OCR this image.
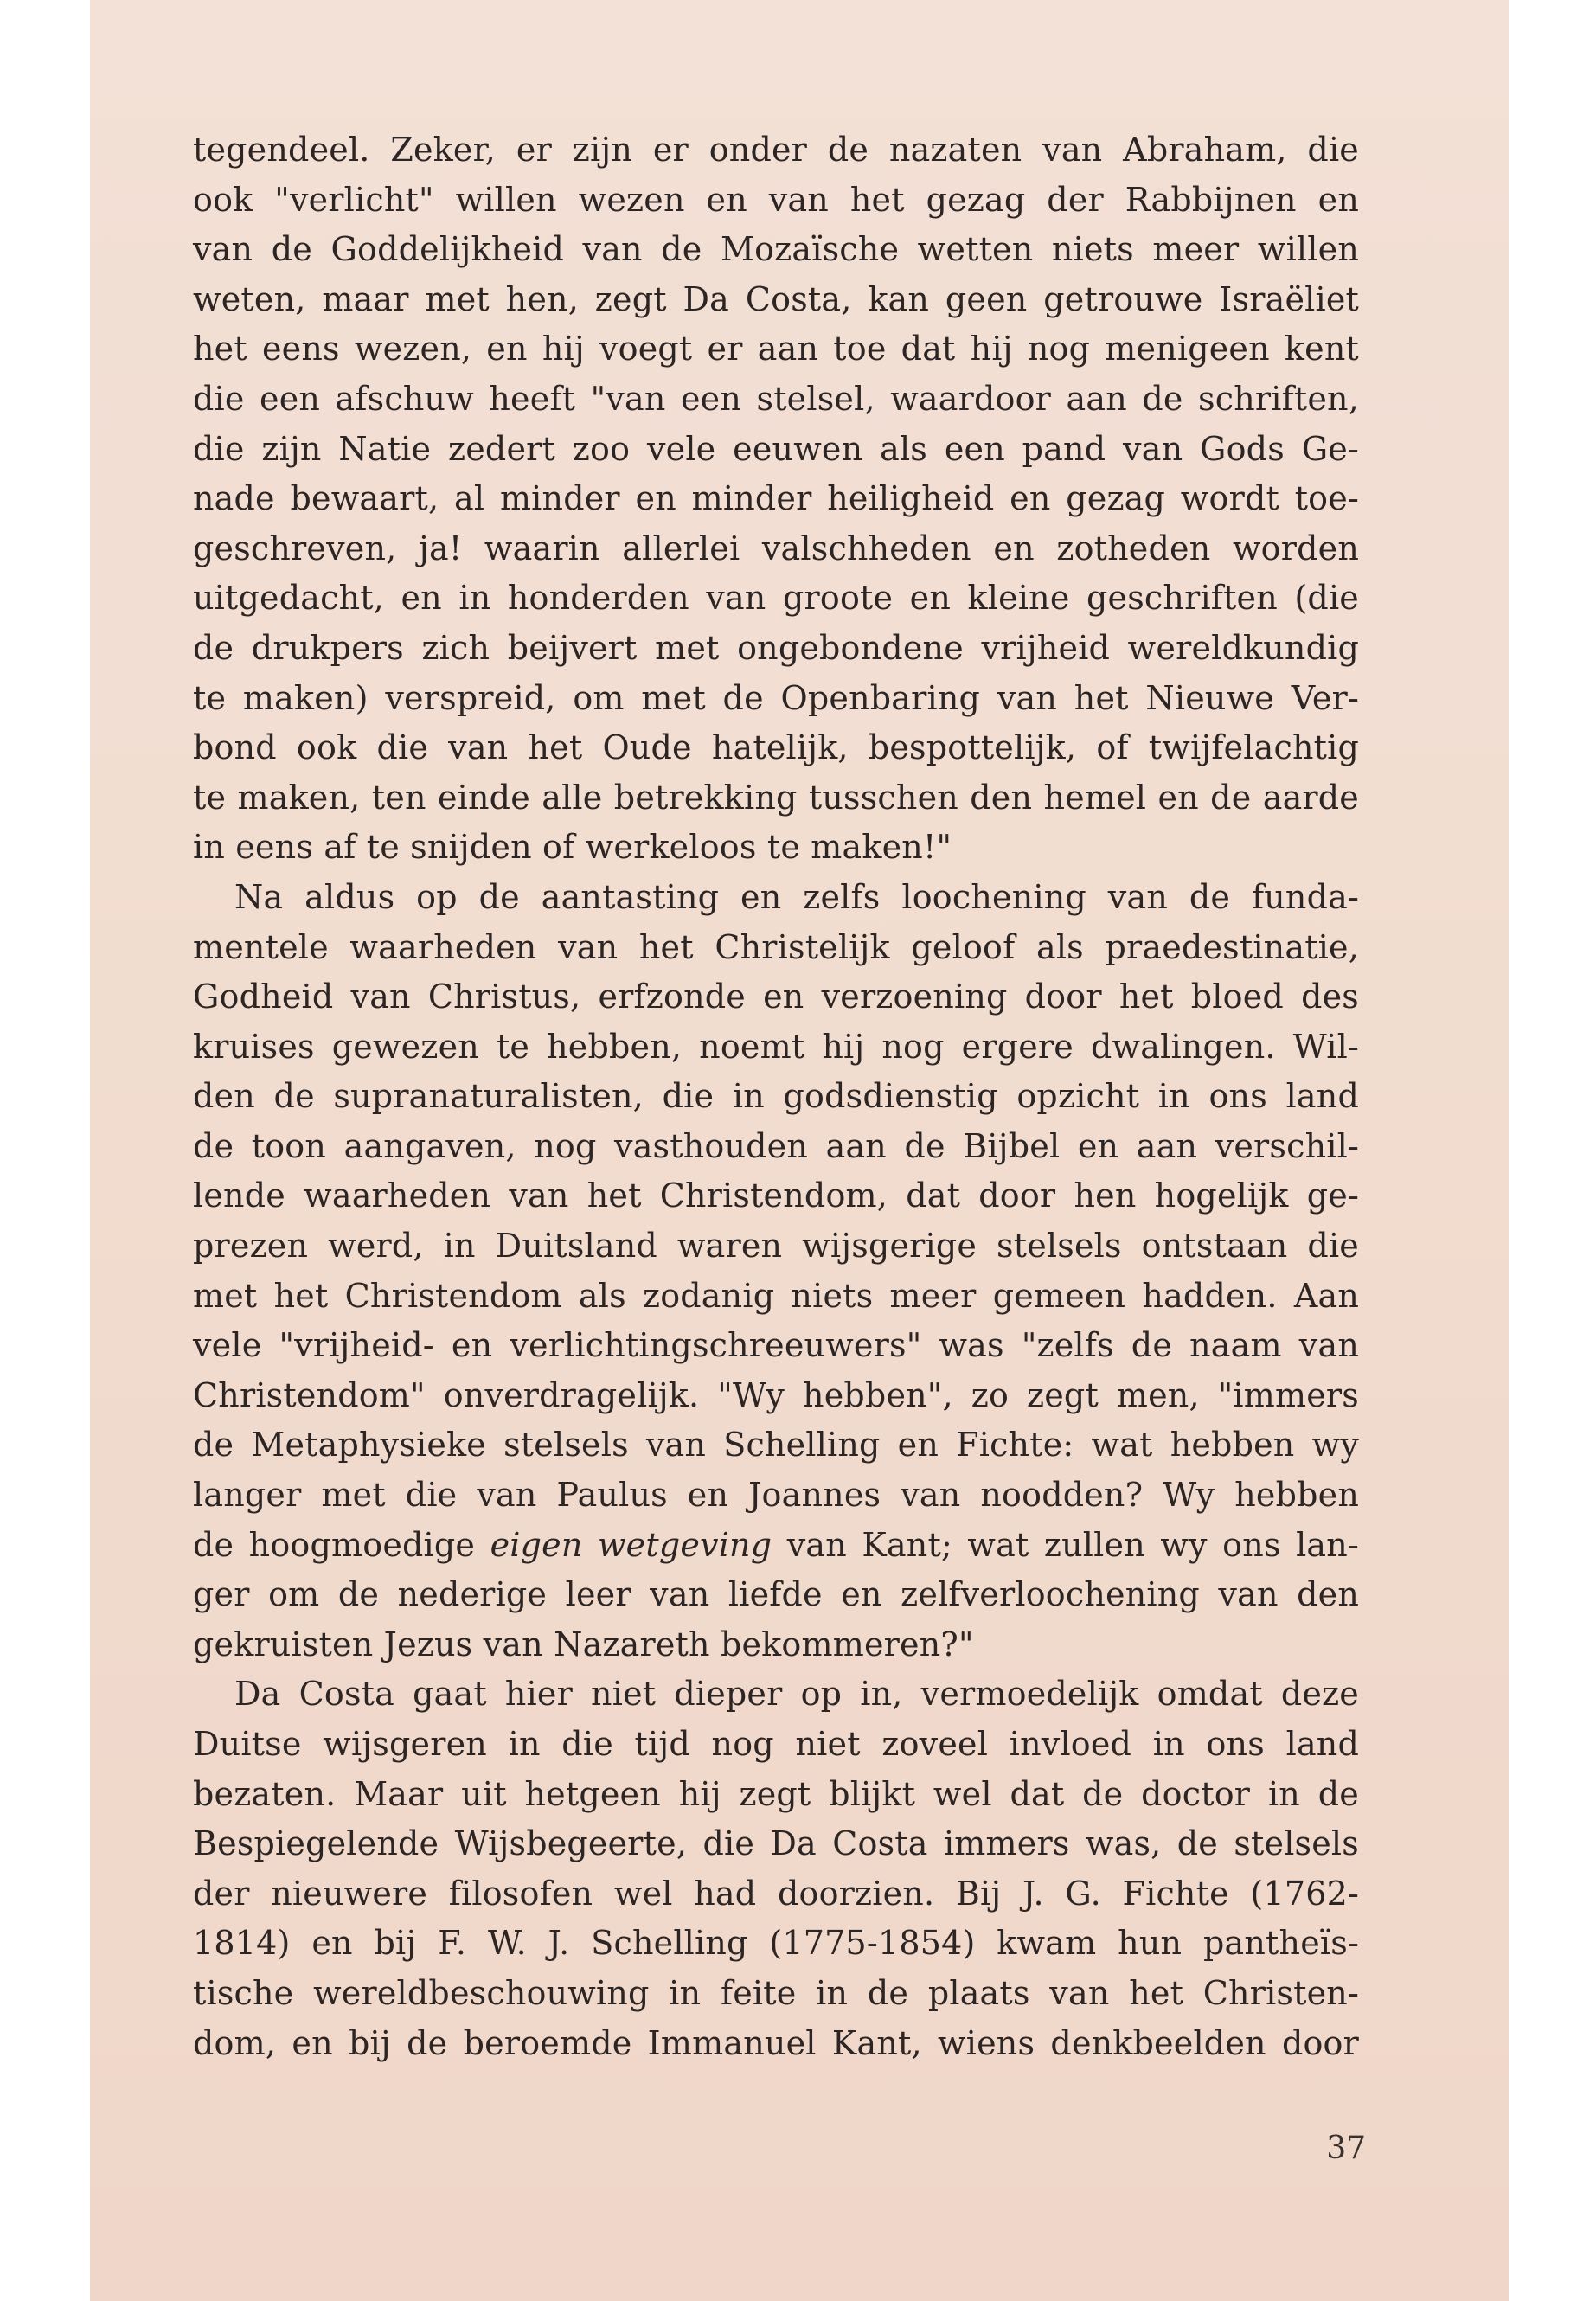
tegendeel. Zeker, er zijn er onder de nazaten van Abraham, die
ook "verlicht" willen wezen en van het gezag der Rabbijnen en
van de Goddelijkheid van de Mozaïsche wetten niets meer willen
weten, maar met hen, zegt Da Costa, kan geen getrouwe Israëliet
het eens wezen, en hij voegt er aan toe dat hij nog menigeen kent
die een afschuw heeft "van een stelsel, waardoor aan de schriften,
die zijn Natie zedert zoo vele eeuwen als een pand van Gods Ge-
nade bewaart, al minder en minder heiligheid en gezag wordt toe-
geschreven, ja! waarin allerlei valschheden en zotheden worden
uitgedacht, en in honderden van groote en kleine geschriften (die
de drukpers zich beijvert met ongebondene vrijheid wereldkundig
te maken) verspreid, om met de Openbaring van het Nieuwe Ver-
bond ook die van het Oude hatelijk, bespottelijk, of twijfelachtig
te maken, ten einde alle betrekking tusschen den hemel en de aarde
in eens af te snijden of werkeloos te maken!"
Na aldus op de aantasting en zelfs loochening van de funda-
mentele waarheden van het Christelijk geloof als praedestinatie,
Godheid van Christus, erfzonde en verzoening door het bloed des
kruises gewezen te hebben, noemt hij nog ergere dwalingen. Wil-
den de supranaturalisten, die in godsdienstig opzicht in ons land
de toon aangaven, nog vasthouden aan de Bijbel en aan verschil-
lende waarheden van het Christendom, dat door hen hogelijk ge-
prezen werd, in Duitsland waren wijsgerige stelsels ontstaan die
met het Christendom als zodanig niets meer gemeen hadden. Aan
vele "vrijheid- en verlichtingschreeuwers" was "zelfs de naam van
Christendom" onverdragelijk. "Wy hebben", zo zegt men, "immers
de Metaphysieke stelsels van Schelling en Fichte: wat hebben wy
langer met die van Paulus en Joannes van noodden? Wy hebben
de hoogmoedige eigen wetgeving van Kant; wat zullen wy ons lan-
ger om de nederige leer van liefde en zelfverloochening van den
gekruisten Jezus van Nazareth bekommeren?"
Da Costa gaat hier niet dieper op in, vermoedelijk omdat deze
Duitse wijsgeren in die tijd nog niet zoveel invloed in ons land
bezaten. Maar uit hetgeen hij zegt blijkt wel dat de doctor in de
Bespiegelende Wijsbegeerte, die Da Costa immers was, de stelsels
der nieuwere filosofen wel had doorzien. Bij J. G. Fichte (1762-
1814) en bij F. W. J. Schelling (1775-1854) kwam hun pantheïs-
tische wereldbeschouwing in feite in de plaats van het Christen-
dom, en bij de beroemde Immanuel Kant, wiens denkbeelden door
37
